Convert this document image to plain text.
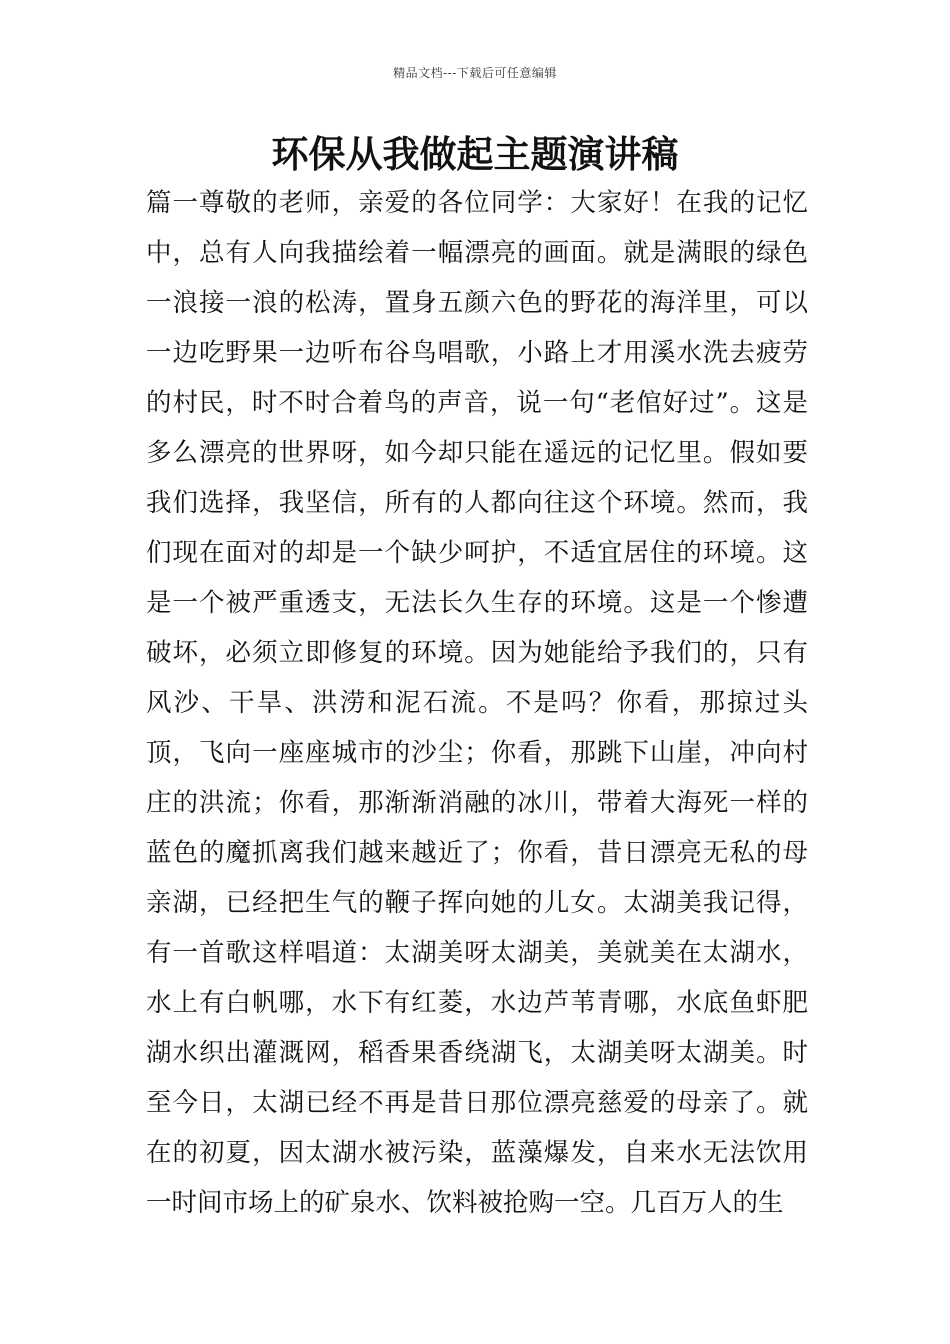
精品文档---下载后可任意编辑
环保从我做起主题演讲稿

篇一尊敬的老师，亲爱的各位同学：大家好！在我的记忆中，总有人向我描绘着一幅漂亮的画面。就是满眼的绿色一浪接一浪的松涛，置身五颜六色的野花的海洋里，可以一边吃野果一边听布谷鸟唱歌，小路上才用溪水洗去疲劳的村民，时不时合着鸟的声音，说一句“老倌好过”。这是多么漂亮的世界呀，如今却只能在遥远的记忆里。假如要我们选择，我坚信，所有的人都向往这个环境。然而，我们现在面对的却是一个缺少呵护，不适宜居住的环境。这是一个被严重透支，无法长久生存的环境。这是一个惨遭破坏，必须立即修复的环境。因为她能给予我们的，只有风沙、干旱、洪涝和泥石流。不是吗？你看，那掠过头顶，飞向一座座城市的沙尘；你看，那跳下山崖，冲向村庄的洪流；你看，那渐渐消融的冰川，带着大海死一样的蓝色的魔抓离我们越来越近了；你看，昔日漂亮无私的母亲湖，已经把生气的鞭子挥向她的儿女。太湖美我记得，有一首歌这样唱道：太湖美呀太湖美，美就美在太湖水，水上有白帆哪，水下有红菱，水边芦苇青哪，水底鱼虾肥湖水织出灌溉网，稻香果香绕湖飞，太湖美呀太湖美。时至今日，太湖已经不再是昔日那位漂亮慈爱的母亲了。就在的初夏，因太湖水被污染，蓝藻爆发，自来水无法饮用一时间市场上的矿泉水、饮料被抢购一空。几百万人的生
